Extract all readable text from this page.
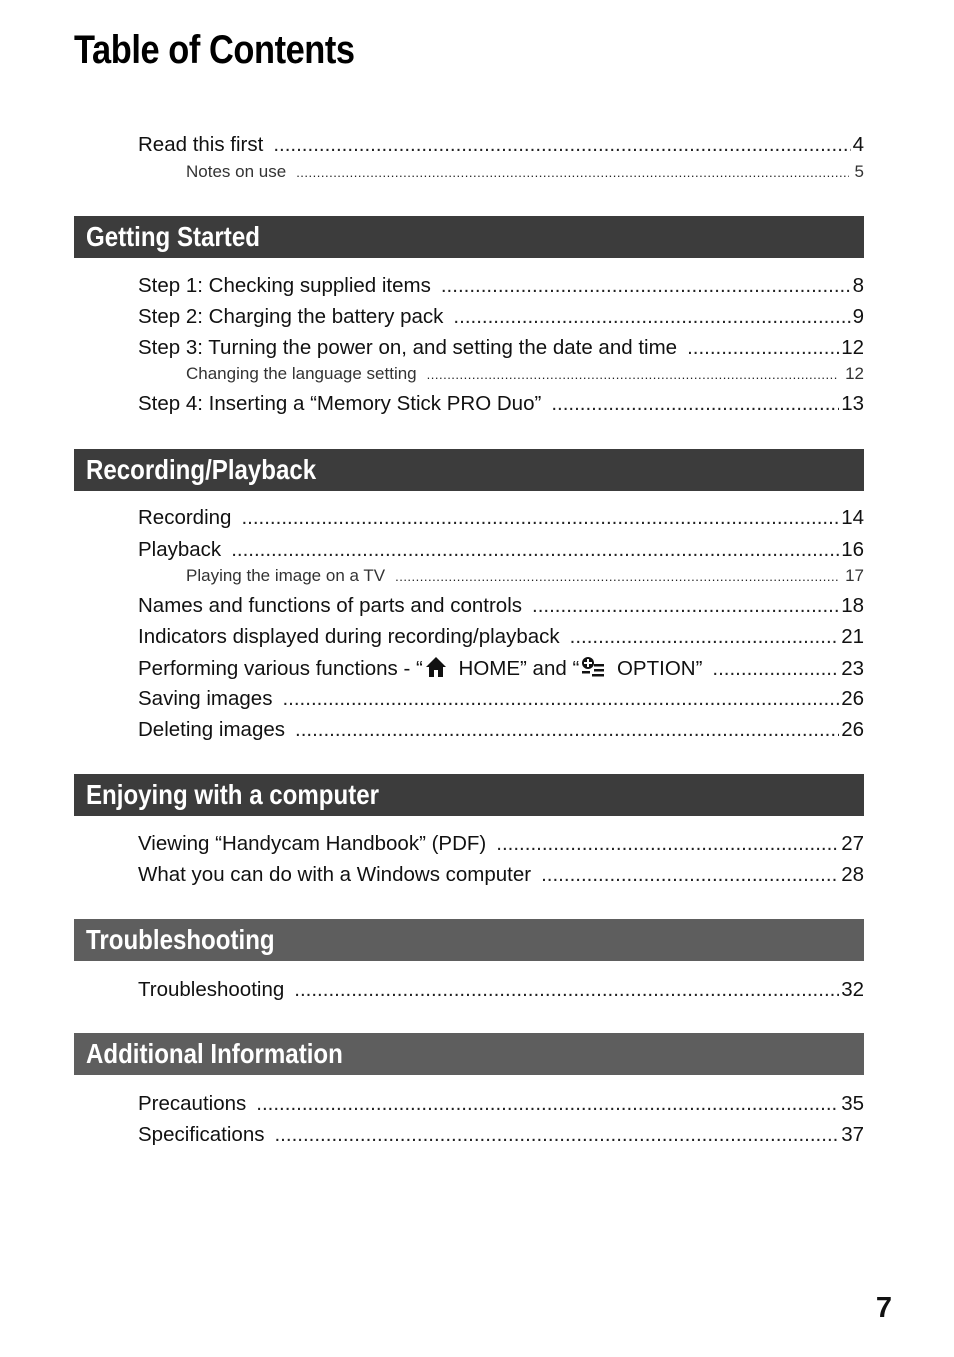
Table of Contents
Read this first .....	4
Notes on use .....	5
Getting Started
Step 1: Checking supplied items .....	8
Step 2: Charging the battery pack .....	9
Step 3: Turning the power on, and setting the date and time .....	12
Changing the language setting .....	12
Step 4: Inserting a “Memory Stick PRO Duo” .....	13
Recording/Playback
Recording .....	14
Playback .....	16
Playing the image on a TV .....	17
Names and functions of parts and controls .....	18
Indicators displayed during recording/playback .....	21
Performing various functions - “ HOME” and “ OPTION” .....	23
Saving images .....	26
Deleting images .....	26
Enjoying with a computer
Viewing “Handycam Handbook” (PDF) .....	27
What you can do with a Windows computer .....	28
Troubleshooting
Troubleshooting .....	32
Additional Information
Precautions .....	35
Specifications .....	37
7
